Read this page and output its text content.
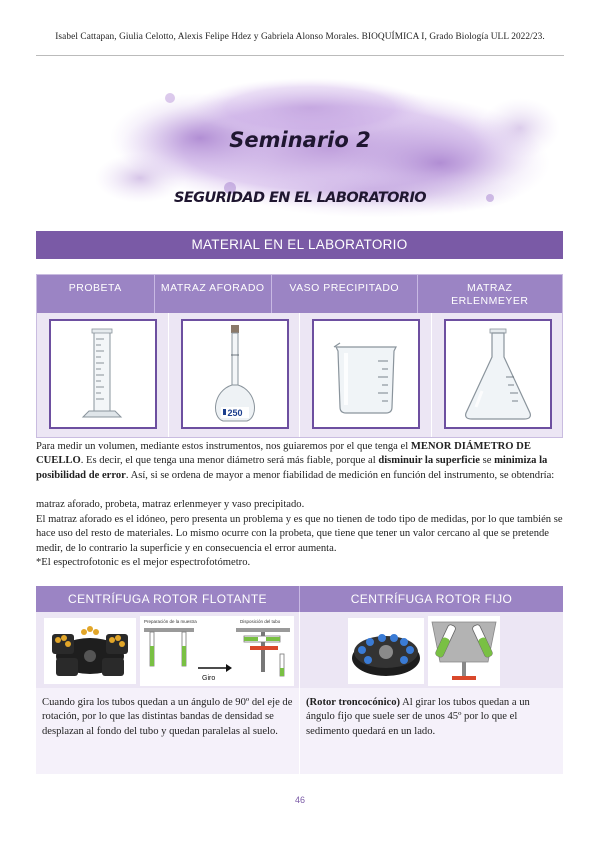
Isabel Cattapan, Giulia Celotto, Alexis Felipe Hdez y Gabriela Alonso Morales. BIOQUÍMICA I, Grado Biología ULL 2022/23.
Seminario 2
SEGURIDAD EN EL LABORATORIO
MATERIAL EN EL LABORATORIO
PROBETA	MATRAZ AFORADO	VASO PRECIPITADO	MATRAZ ERLENMEYER
250
Para medir un volumen, mediante estos instrumentos, nos guiaremos por el que tenga el MENOR DIÁMETRO DE CUELLO. Es decir, el que tenga una menor diámetro será más fiable, porque al disminuir la superficie se minimiza la posibilidad de error. Así, si se ordena de mayor a menor fiabilidad de medición en función del instrumento, se obtendría:
matraz aforado, probeta, matraz erlenmeyer y vaso precipitado.
El matraz aforado es el idóneo, pero presenta un problema y es que no tienen de todo tipo de medidas, por lo que también se hace uso del resto de materiales. Lo mismo ocurre con la probeta, que tiene que tener un valor cercano al que se pretende medir, de lo contrario la superficie y en consecuencia el error aumenta.
*El espectrofotonic es el mejor espectrofotómetro.
CENTRÍFUGA ROTOR FLOTANTE	CENTRÍFUGA ROTOR FIJO
Preparación de la muestra	Disposición del tubo
Giro
Cuando gira los tubos quedan a un ángulo de 90º del eje de rotación, por lo que las distintas bandas de densidad se desplazan al fondo del tubo y quedan paralelas al suelo.
(Rotor troncocónico) Al girar los tubos quedan a un ángulo fijo que suele ser de unos 45º por lo que el sedimento quedará en un lado.
46
